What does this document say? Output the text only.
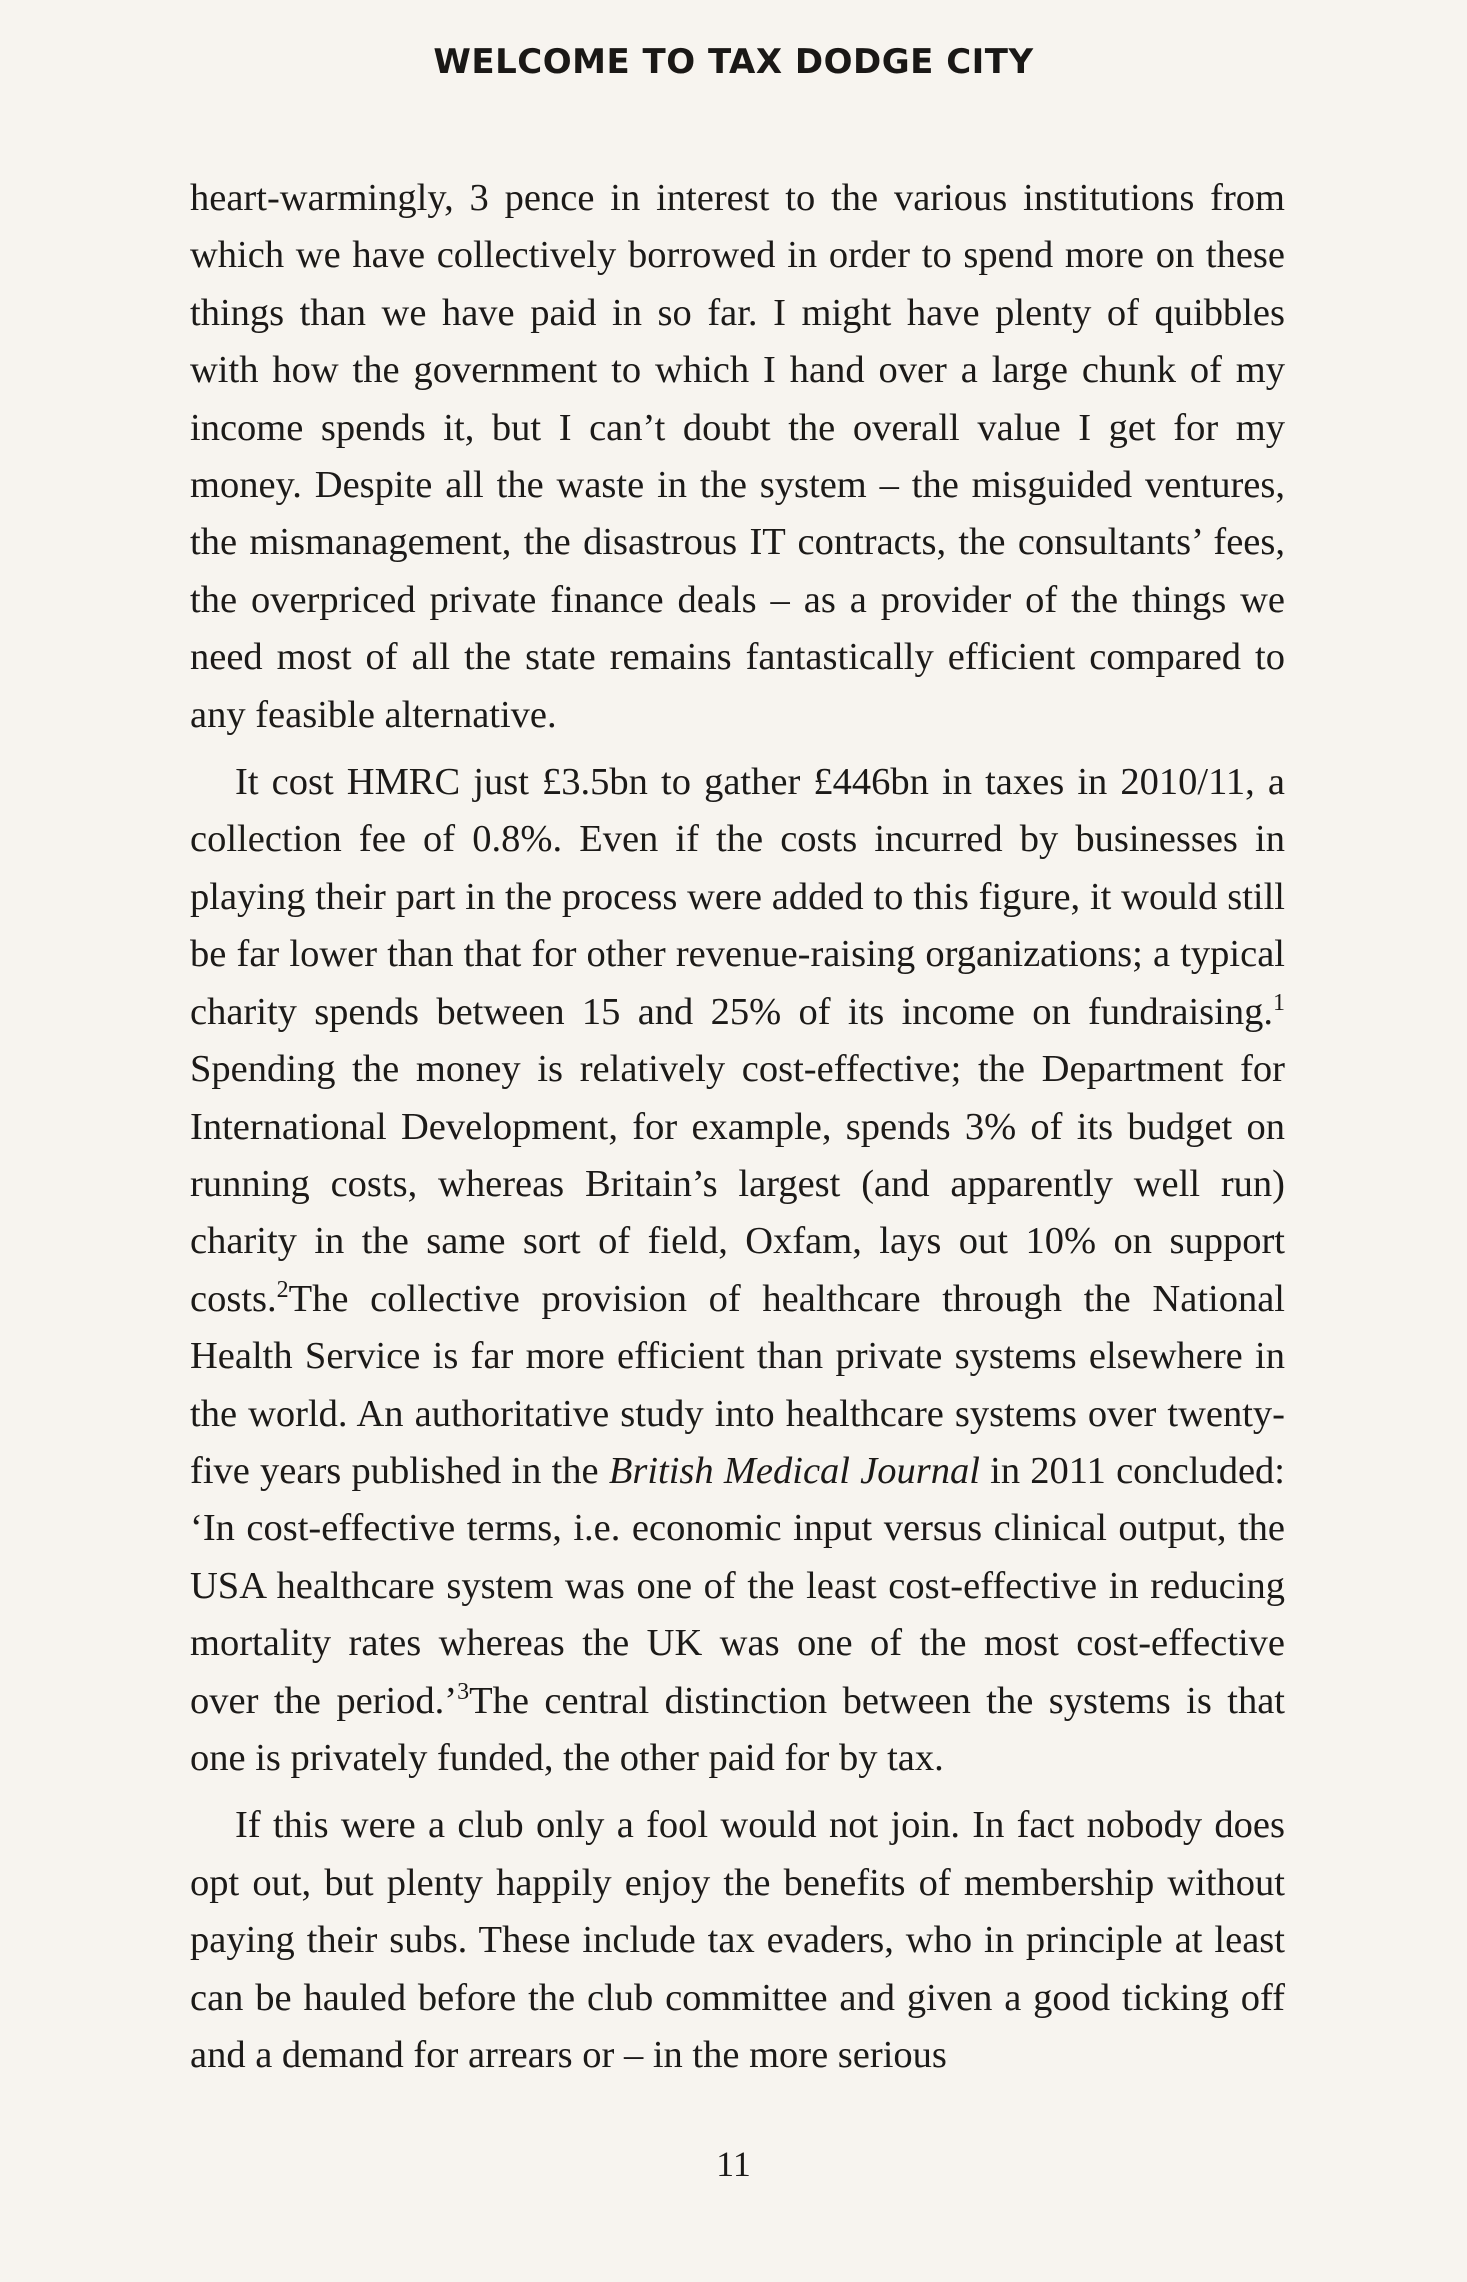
WELCOME TO TAX DODGE CITY

heart-warmingly, 3 pence in interest to the various institutions from which we have collectively borrowed in order to spend more on these things than we have paid in so far. I might have plenty of quibbles with how the government to which I hand over a large chunk of my income spends it, but I can’t doubt the overall value I get for my money. Despite all the waste in the system – the misguided ventures, the mismanagement, the disastrous IT contracts, the consultants’ fees, the overpriced private finance deals – as a provider of the things we need most of all the state remains fantastically efficient compared to any feasible alternative.

It cost HMRC just £3.5bn to gather £446bn in taxes in 2010/11, a collection fee of 0.8%. Even if the costs incurred by businesses in playing their part in the process were added to this figure, it would still be far lower than that for other revenue-raising organizations; a typical charity spends between 15 and 25% of its income on fundraising.$^1$ Spending the money is relatively cost-effective; the Department for International Development, for example, spends 3% of its budget on running costs, whereas Britain’s largest (and apparently well run) charity in the same sort of field, Oxfam, lays out 10% on support costs.$^2$The collective provision of healthcare through the National Health Service is far more efficient than private systems elsewhere in the world. An authoritative study into healthcare systems over twenty-five years published in the British Medical Journal in 2011 concluded: ‘In cost-effective terms, i.e. economic input versus clinical output, the USA healthcare system was one of the least cost-effective in reducing mortality rates whereas the UK was one of the most cost-effective over the period.’$^3$The central distinction between the systems is that one is privately funded, the other paid for by tax.

If this were a club only a fool would not join. In fact nobody does opt out, but plenty happily enjoy the benefits of membership without paying their subs. These include tax evaders, who in principle at least can be hauled before the club committee and given a good ticking off and a demand for arrears or – in the more serious

11
